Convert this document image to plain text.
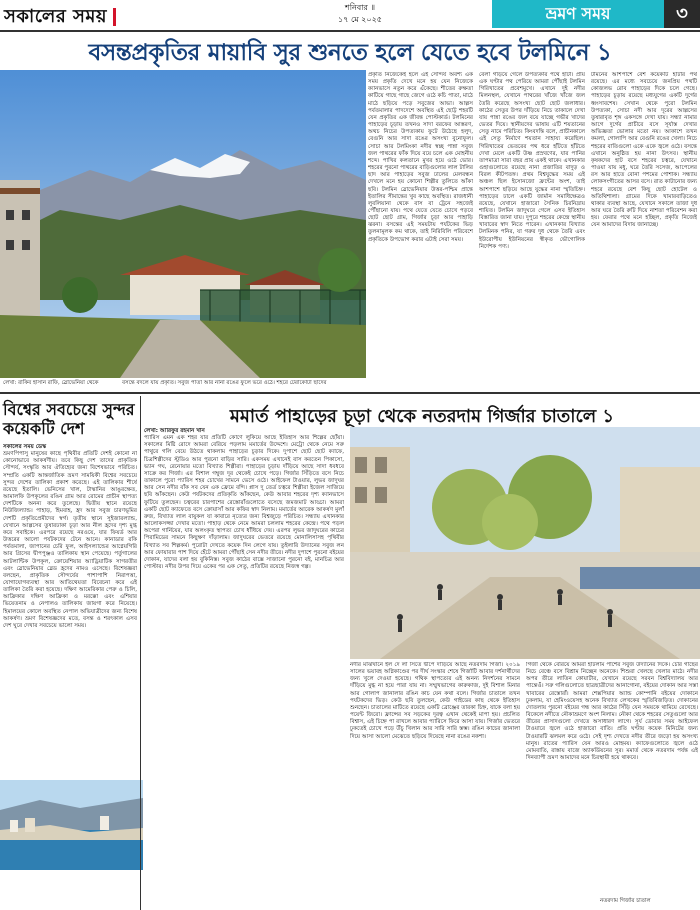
সকালের সময়	শনিবার ॥
১৭ মে ২০২৫	ভ্রমণ সময়	৩
বসন্তপ্রকৃতির মায়াবি সুর শুনতে হলে যেতে হবে টলমিনে ১
লেখা: রাকিব হাসান রাফি, স্লোভেনিয়া থেকে	বসন্তে বদলে যায় প্রকৃতি। সবুজ পাতা আর নানা রঙের ফুলে ভরে ওঠে। শহরে টেরাকোটা ছাদের
প্রকৃতি নিজেকেই হলে এই সৌন্দর্য অবশ্য এক সময় প্রকৃতি দেখে মনে হয় যেন নিজেকে ক্যানভাসে নতুন করে এঁকেছে। শীতের রুক্ষতা কাটিয়ে গাছে গাছে জেগে ওঠে কচি পাতা, মাঠে মাঠে ছড়িয়ে পড়ে সবুজের আভা। আল্পস পর্বতমালার পাদদেশে অবস্থিত এই ছোট্ট শহরটি যেন প্রকৃতির এক জীবন্ত পোস্টকার্ড। টলমিনের পাহাড়ের চূড়ায় তখনও সাদা বরফের আস্তরণ, অথচ নিচের উপত্যকায় ফুটে উঠেছে হলুদ, বেগুনি আর সাদা রঙের অসংখ্য বুনোফুল। সোচা আর টলমিংকা নদীর স্বচ্ছ পান্না সবুজ জল পাথরের ফাঁক দিয়ে বয়ে চলে এক মোহনীয় শব্দে। পাখির কলতানে মুখর হয়ে ওঠে ভোর। শহরের পুরনো পাথরের বাড়িগুলোর লাল টালির ছাদ আর পাহাড়ের সবুজ ঢালের মেলবন্ধন দেখলে মনে হয় কোনো শিল্পীর তুলিতে আঁকা ছবি। টলমিন স্লোভেনিয়ার উত্তর-পশ্চিম প্রান্তে ইতালির সীমান্তের খুব কাছে অবস্থিত। রাজধানী লুবলিয়ানা থেকে বাস বা ট্রেনে সহজেই পৌঁছানো যায়। পথে যেতে যেতে চোখে পড়বে ছোট ছোট গ্রাম, গির্জার চূড়া আর পাহাড়ি ঝরনা। বসন্তের এই সময়টায় পর্যটকের ভিড় তুলনামূলক কম থাকে, তাই নিরিবিলি পরিবেশে প্রকৃতিকে উপভোগ করার এটাই সেরা সময়।
বেলা গড়িয়ে গেলে উপত্যকার পথে হাঁটা। প্রায় এক ঘণ্টার পথ পেরিয়ে আমরা পৌঁছাই টলমিন গিরিখাতের প্রবেশমুখে। এখানে দুই নদীর মিলনস্থল, যেখানে পাথরের খাঁজে খাঁজে জল তৈরি করেছে অসংখ্য ছোট ছোট জলাধার। কাঠের সেতুর উপর দাঁড়িয়ে নিচে তাকালে দেখা যায় পান্না রঙের জল বয়ে যাচ্ছে গভীর খাদের ভেতর দিয়ে। স্থানীয়দের ভাষায় এটি শয়তানের সেতু নামে পরিচিত। কিংবদন্তি বলে, প্রাচীনকালে এই সেতু নির্মাণে শয়তান সাহায্য করেছিল। গিরিখাতের ভেতরের পথ ধরে হাঁটতে হাঁটতে দেখা মেলে একটি উষ্ণ প্রস্রবণের, যার পানির তাপমাত্রা সারা বছর প্রায় একই থাকে। এখানকার গুহাগুলোতে রয়েছে নানা প্রজাতির বাদুড় ও বিরল কীটপতঙ্গ। প্রথম বিশ্বযুদ্ধের সময় এই অঞ্চল ছিল ইসোনজো ফ্রন্টের অংশ, তাই আশপাশে ছড়িয়ে আছে যুদ্ধের নানা স্মৃতিচিহ্ন। পাহাড়ের ঢালে একটি জার্মান সমাধিক্ষেত্রও রয়েছে, যেখানে হাজারো সৈনিক চিরনিদ্রায় শায়িত। টলমিন জাদুঘরে গেলে এসব ইতিহাস বিস্তারিত জানা যায়। দুপুরে শহরের কেন্দ্রে স্থানীয় খাবারের স্বাদ নিতে পারেন। এখানকার বিখ্যাত টলমিনক পনির, যা গরুর দুধ থেকে তৈরি এবং ইউরোপীয় ইউনিয়নের স্বীকৃত ভৌগোলিক নির্দেশক পণ্য।
টমিনের আশপাশে বেশ কয়েকটি হাঁটার পথ রয়েছে। এর মধ্যে সবচেয়ে জনপ্রিয় পথটি কোজলভ রোব পাহাড়ের দিকে চলে গেছে। পাহাড়ের চূড়ায় রয়েছে মধ্যযুগের একটি দুর্গের ধ্বংসাবশেষ। সেখান থেকে পুরো টলমিন উপত্যকা, সোচা নদী আর দূরের আল্পসের তুষারাবৃত শৃঙ্গ একসঙ্গে দেখা যায়। সন্ধ্যা নামার আগে দুর্গের প্রাচীরে বসে সূর্যাস্ত দেখার অভিজ্ঞতা ভোলার মতো নয়। আকাশে তখন কমলা, গোলাপি আর বেগুনি রঙের খেলা। নিচে শহরের বাতিগুলো একে একে জ্বলে ওঠে। বসন্তে এখানে অনুষ্ঠিত হয় নানা উৎসব। স্থানীয় কৃষকদের হাট বসে শহরের চত্বরে, যেখানে পাওয়া যায় মধু, ঘরে তৈরি সসেজ, আপেলের রস আর হাতে বোনা পশমের পোশাক। সন্ধ্যায় লোকসংগীতের আসর বসে। রাত কাটানোর জন্য শহরে রয়েছে বেশ কিছু ছোট হোটেল ও অতিথিশালা। গ্রামের দিকে খামারবাড়িতেও থাকার ব্যবস্থা আছে, যেখানে সকালে তাজা দুধ আর ঘরে তৈরি রুটি দিয়ে নাশতা পরিবেশন করা হয়। ফেরার পথে মনে হচ্ছিল, প্রকৃতি নিজেই যেন আমাদের বিদায় জানাচ্ছে।
বিশ্বের সবচেয়ে সুন্দর কয়েকটি দেশ
সকালের সময় ডেস্ক
ভ্রমণপিপাসু মানুষের কাছে পৃথিবীর প্রতিটি দেশই কোনো না কোনোভাবে আকর্ষণীয়। তবে কিছু দেশ তাদের প্রাকৃতিক সৌন্দর্য, সংস্কৃতি আর ঐতিহ্যের জন্য বিশেষভাবে পরিচিত। সম্প্রতি একটি আন্তর্জাতিক ভ্রমণ সাময়িকী বিশ্বের সবচেয়ে সুন্দর দেশের তালিকা প্রকাশ করেছে। এই তালিকার শীর্ষে রয়েছে ইতালি। ভেনিসের খাল, টাস্কানির আঙুরক্ষেত, আমালফি উপকূলের রঙিন গ্রাম আর রোমের প্রাচীন স্থাপত্য দেশটিকে অনন্য করে তুলেছে। দ্বিতীয় স্থানে রয়েছে নিউজিল্যান্ড। পাহাড়, হিমবাহ, হ্রদ আর সবুজ চারণভূমির দেশটি প্রকৃতিপ্রেমীদের স্বর্গ। তৃতীয় স্থানে সুইজারল্যান্ড, যেখানে আল্পসের তুষারঢাকা চূড়া আর নীল হ্রদের দৃশ্য মুগ্ধ করে সবাইকে। এরপরে রয়েছে নরওয়ে, যার ফিয়র্ড আর উত্তরের আলো পর্যটকদের টেনে আনে। কানাডার রকি পর্বতমালা, জাপানের চেরি ফুল, আইসল্যান্ডের আগ্নেয়গিরি আর গ্রিসের দ্বীপপুঞ্জও তালিকায় স্থান পেয়েছে। পর্তুগালের আটলান্টিক উপকূল, ক্রোয়েশিয়ার অ্যাড্রিয়াটিক সাগরতীর এবং স্লোভেনিয়ার ব্লেড হ্রদের নামও এসেছে। বিশেষজ্ঞরা বলছেন, প্রাকৃতিক সৌন্দর্যের পাশাপাশি নিরাপত্তা, যোগাযোগব্যবস্থা আর আতিথেয়তা বিবেচনা করে এই তালিকা তৈরি করা হয়েছে। দক্ষিণ আমেরিকার পেরু ও চিলি, আফ্রিকার দক্ষিণ আফ্রিকা ও মরক্কো এবং এশিয়ার ভিয়েতনাম ও নেপালও তালিকায় জায়গা করে নিয়েছে। হিমালয়ের কোলে অবস্থিত নেপাল অভিযাত্রীদের জন্য বিশেষ আকর্ষণ। ভ্রমণ বিশেষজ্ঞদের মতে, বসন্ত ও শরৎকাল এসব দেশ ঘুরে দেখার সবচেয়ে ভালো সময়।
মমার্ত পাহাড়ের চূড়া থেকে নতরদাম গির্জার চাতালে ১
লেখা: আরিফুর রহমান খান
প্যারিস এমন এক শহর যার প্রতিটি কোণে লুকিয়ে আছে ইতিহাস আর শিল্পের ছোঁয়া। সকালের মিষ্টি রোদে আমরা বেরিয়ে পড়লাম মমার্তের উদ্দেশে। মেট্রো থেকে নেমে সরু পাথুরে গলি বেয়ে উঠতে থাকলাম পাহাড়ের চূড়ার দিকে। দুপাশে ছোট ছোট ক্যাফে, চিত্রশিল্পীদের স্টুডিও আর পুরনো বাড়ির সারি। একসময় এখানেই বাস করতেন পিকাসো, ভ্যান গঘ, রেনোয়ার মতো বিখ্যাত শিল্পীরা। পাহাড়ের চূড়ায় দাঁড়িয়ে আছে সাদা ধবধবে সাক্রে কর গির্জা। এর বিশাল গম্বুজ দূর থেকেই চোখে পড়ে। গির্জার সিঁড়িতে বসে নিচে তাকালে পুরো প্যারিস শহর চোখের সামনে ভেসে ওঠে। আইফেল টাওয়ার, লুভর জাদুঘর আর সেন নদীর বাঁক সব যেন এক ফ্রেমে বন্দি। প্লাস দু তের্ত্র চত্বরে শিল্পীরা ইজেল সাজিয়ে ছবি আঁকছেন। কেউ পর্যটকদের প্রতিকৃতি আঁকছেন, কেউ আবার শহরের দৃশ্য ক্যানভাসে ফুটিয়ে তুলছেন। চত্বরের চারপাশের রেস্তোরাঁগুলোতে বসেছে জমজমাট আড্ডা। আমরা একটি ছোট ক্যাফেতে বসে ক্রোয়াসাঁ আর কফির স্বাদ নিলাম। মমার্তের আরেক আকর্ষণ মুলাঁ রুজ, বিখ্যাত লাল বায়ুকল যা কাবারে নৃত্যের জন্য বিশ্বজুড়ে পরিচিত। সন্ধ্যায় এখানকার আলোকসজ্জা দেখার মতো। পাহাড় থেকে নেমে আমরা চললাম শহরের কেন্দ্রে। পথে পড়ল অপেরা গার্নিয়ের, যার অলংকৃত স্থাপত্য চোখ ধাঁধিয়ে দেয়। এরপর লুভর জাদুঘরের কাচের পিরামিডের সামনে কিছুক্ষণ দাঁড়ালাম। জাদুঘরের ভেতরে রয়েছে মোনালিসাসহ পৃথিবীর বিখ্যাত সব শিল্পকর্ম। পুরোটা দেখতে কয়েক দিন লেগে যায়। তুইলারি উদ্যানের সবুজ লন আর ফোয়ারার পাশ দিয়ে হেঁটে আমরা পৌঁছাই সেন নদীর তীরে। নদীর দুপাশে পুরনো বইয়ের দোকান, যাদের বলা হয় বুকিনিস্ত। সবুজ কাঠের বাক্সে সাজানো পুরনো বই, মানচিত্র আর পোস্টার। নদীর উপর দিয়ে একের পর এক সেতু, প্রতিটির রয়েছে নিজস্ব গল্প।
নদীর মাঝখানে ইল দে লা সিতে দ্বীপে দাঁড়িয়ে আছে নতরদাম গির্জা। ২০১৯ সালের ভয়াবহ অগ্নিকাণ্ডের পর দীর্ঘ সংস্কার শেষে গির্জাটি আবার দর্শনার্থীদের জন্য খুলে দেওয়া হয়েছে। গথিক স্থাপত্যের এই অনন্য নিদর্শনের সামনে দাঁড়িয়ে মুগ্ধ না হয়ে পারা যায় না। সম্মুখভাগের কারুকাজ, দুই বিশাল মিনার আর গোলাপ জানালার রঙিন কাচ যেন কথা বলে। গির্জার চাতালে তখন পর্যটকদের ভিড়। কেউ ছবি তুলছেন, কেউ গাইডের কাছ থেকে ইতিহাস শুনছেন। চাতালের মাটিতে রয়েছে একটি ব্রোঞ্জের তারকা চিহ্ন, যাকে বলা হয় পয়েন্ট জিরো। ফ্রান্সের সব সড়কের দূরত্ব এখান থেকেই মাপা হয়। প্রচলিত বিশ্বাস, এই চিহ্নে পা রাখলে আবার প্যারিসে ফিরে আসা যায়। গির্জার ভেতরে ঢুকতেই চোখে পড়ে উঁচু খিলান আর সারি সারি স্তম্ভ। রঙিন কাচের জানালা দিয়ে আসা আলো মেঝেতে ছড়িয়ে দিয়েছে নানা রঙের নকশা।
গির্জা থেকে বেরিয়ে আমরা হাঁটলাম পাশের সবুজ উদ্যানের দিকে। চেরি গাছের নিচে বেঞ্চে বসে বিশ্রাম নিচ্ছেন অনেকে। শিশুরা খেলছে খেলার মাঠে। নদীর অপর তীরে লাতিন কোয়ার্টার, যেখানে রয়েছে সরবন বিশ্ববিদ্যালয় আর পান্তেওঁ। সরু গলিগুলোতে ছাত্রছাত্রীদের আনাগোনা, বইয়ের দোকান আর সস্তা খাবারের রেস্তোরাঁ। আমরা শেক্সপিয়ার অ্যান্ড কোম্পানি বইয়ের দোকানে ঢুকলাম, যা হেমিংওয়েসহ অনেক বিখ্যাত লেখকের স্মৃতিবিজড়িত। দোকানের দোতলায় পুরনো বইয়ের গন্ধ আর কাঠের সিঁড়ি যেন সময়কে থামিয়ে রেখেছে। বিকেলে নদীতে নৌকাভ্রমণে অংশ নিলাম। নৌকা থেকে শহরের সেতুগুলো আর তীরের প্রাসাদগুলো দেখতে অসাধারণ লাগে। সূর্য ডোবার সময় আইফেল টাওয়ারে জ্বলে ওঠে হাজারো বাতি। প্রতি ঘণ্টায় কয়েক মিনিটের জন্য টাওয়ারটি ঝলমল করে ওঠে। সেই দৃশ্য দেখতে নদীর তীরে জড়ো হয় অসংখ্য মানুষ। রাতের প্যারিস যেন আরও মোহময়। ক্যাফেগুলোতে জ্বলে ওঠে মোমবাতি, রাস্তায় বাজে অ্যাকর্ডিয়নের সুর। মমার্ত থেকে নতরদাম পর্যন্ত এই দিনব্যাপী ভ্রমণ আমাদের মনে চিরস্থায়ী হয়ে থাকবে।
নতরদাম গির্জার চাতাল
